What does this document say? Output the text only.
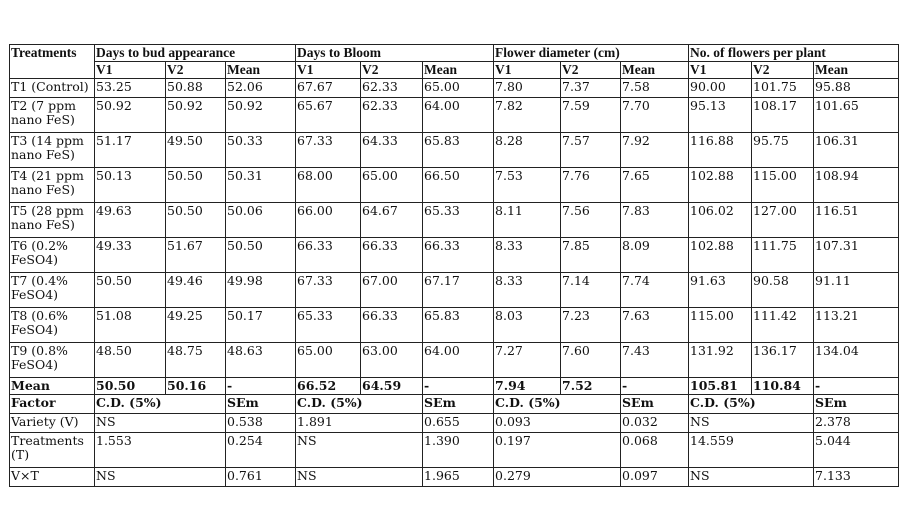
Treatments	Days to bud appearance			Days to Bloom			Flower diameter (cm)			No. of flowers per plant		
	V1	V2	Mean	V1	V2	Mean	V1	V2	Mean	V1	V2	Mean
T1 (Control)	53.25	50.88	52.06	67.67	62.33	65.00	7.80	7.37	7.58	90.00	101.75	95.88
T2 (7 ppm nano FeS)	50.92	50.92	50.92	65.67	62.33	64.00	7.82	7.59	7.70	95.13	108.17	101.65
T3 (14 ppm nano FeS)	51.17	49.50	50.33	67.33	64.33	65.83	8.28	7.57	7.92	116.88	95.75	106.31
T4 (21 ppm nano FeS)	50.13	50.50	50.31	68.00	65.00	66.50	7.53	7.76	7.65	102.88	115.00	108.94
T5 (28 ppm nano FeS)	49.63	50.50	50.06	66.00	64.67	65.33	8.11	7.56	7.83	106.02	127.00	116.51
T6 (0.2% FeSO4)	49.33	51.67	50.50	66.33	66.33	66.33	8.33	7.85	8.09	102.88	111.75	107.31
T7 (0.4% FeSO4)	50.50	49.46	49.98	67.33	67.00	67.17	8.33	7.14	7.74	91.63	90.58	91.11
T8 (0.6% FeSO4)	51.08	49.25	50.17	65.33	66.33	65.83	8.03	7.23	7.63	115.00	111.42	113.21
T9 (0.8% FeSO4)	48.50	48.75	48.63	65.00	63.00	64.00	7.27	7.60	7.43	131.92	136.17	134.04
Mean	50.50	50.16	-	66.52	64.59	-	7.94	7.52	-	105.81	110.84	-
Factor	C.D. (5%)		SEm	C.D. (5%)		SEm	C.D. (5%)		SEm	C.D. (5%)		SEm
Variety (V)	NS		0.538	1.891		0.655	0.093		0.032	NS		2.378
Treatments (T)	1.553		0.254	NS		1.390	0.197		0.068	14.559		5.044
V×T	NS		0.761	NS		1.965	0.279		0.097	NS		7.133
